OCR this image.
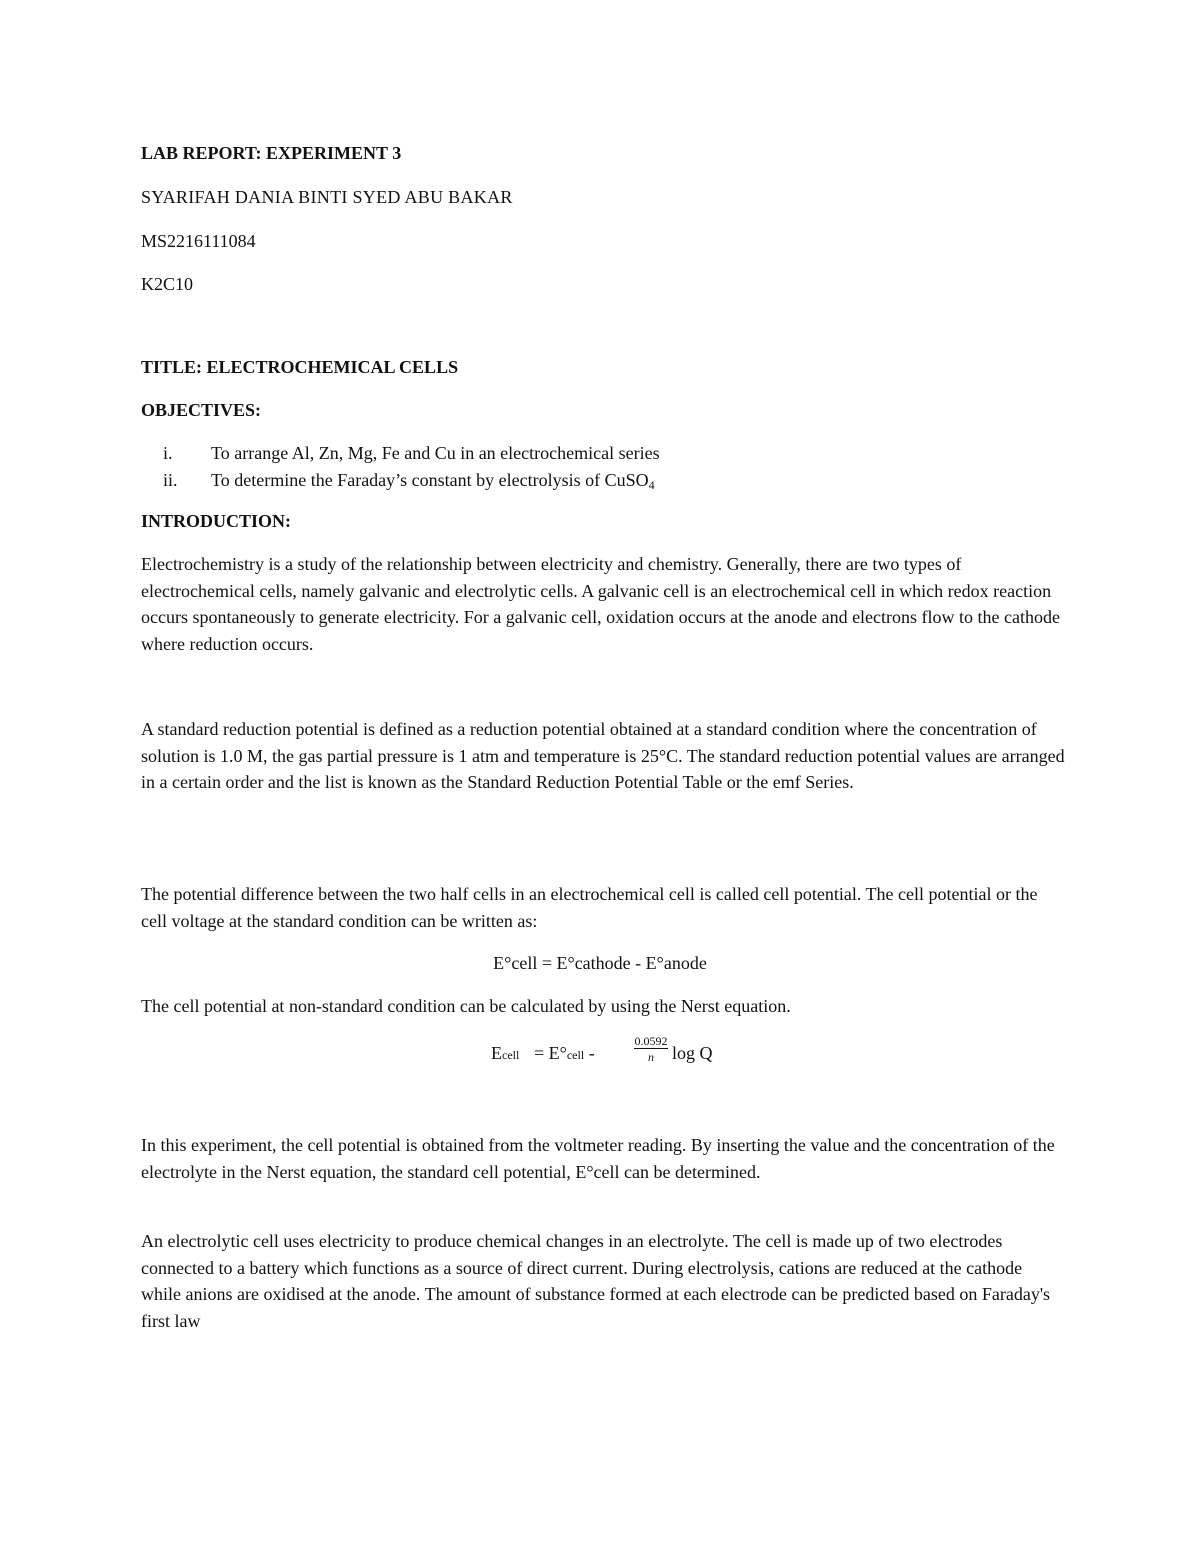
LAB REPORT: EXPERIMENT 3
SYARIFAH DANIA BINTI SYED ABU BAKAR
MS2216111084
K2C10
TITLE: ELECTROCHEMICAL CELLS
OBJECTIVES:
i.	To arrange Al, Zn, Mg, Fe and Cu in an electrochemical series
ii.	To determine the Faraday’s constant by electrolysis of CuSO$_4$
INTRODUCTION:
Electrochemistry is a study of the relationship between electricity and chemistry. Generally, there are two types of electrochemical cells, namely galvanic and electrolytic cells. A galvanic cell is an electrochemical cell in which redox reaction occurs spontaneously to generate electricity. For a galvanic cell, oxidation occurs at the anode and electrons flow to the cathode where reduction occurs.
A standard reduction potential is defined as a reduction potential obtained at a standard condition where the concentration of solution is 1.0 M, the gas partial pressure is 1 atm and temperature is 25°C. The standard reduction potential values are arranged in a certain order and the list is known as the Standard Reduction Potential Table or the emf Series.
The potential difference between the two half cells in an electrochemical cell is called cell potential. The cell potential or the cell voltage at the standard condition can be written as:
E°cell = E°cathode - E°anode
The cell potential at non-standard condition can be calculated by using the Nerst equation.
Ecell = E°cell -	$\frac{0.0592}{n}$ log Q
In this experiment, the cell potential is obtained from the voltmeter reading. By inserting the value and the concentration of the electrolyte in the Nerst equation, the standard cell potential, E°cell can be determined.
An electrolytic cell uses electricity to produce chemical changes in an electrolyte. The cell is made up of two electrodes connected to a battery which functions as a source of direct current. During electrolysis, cations are reduced at the cathode while anions are oxidised at the anode. The amount of substance formed at each electrode can be predicted based on Faraday's first law
